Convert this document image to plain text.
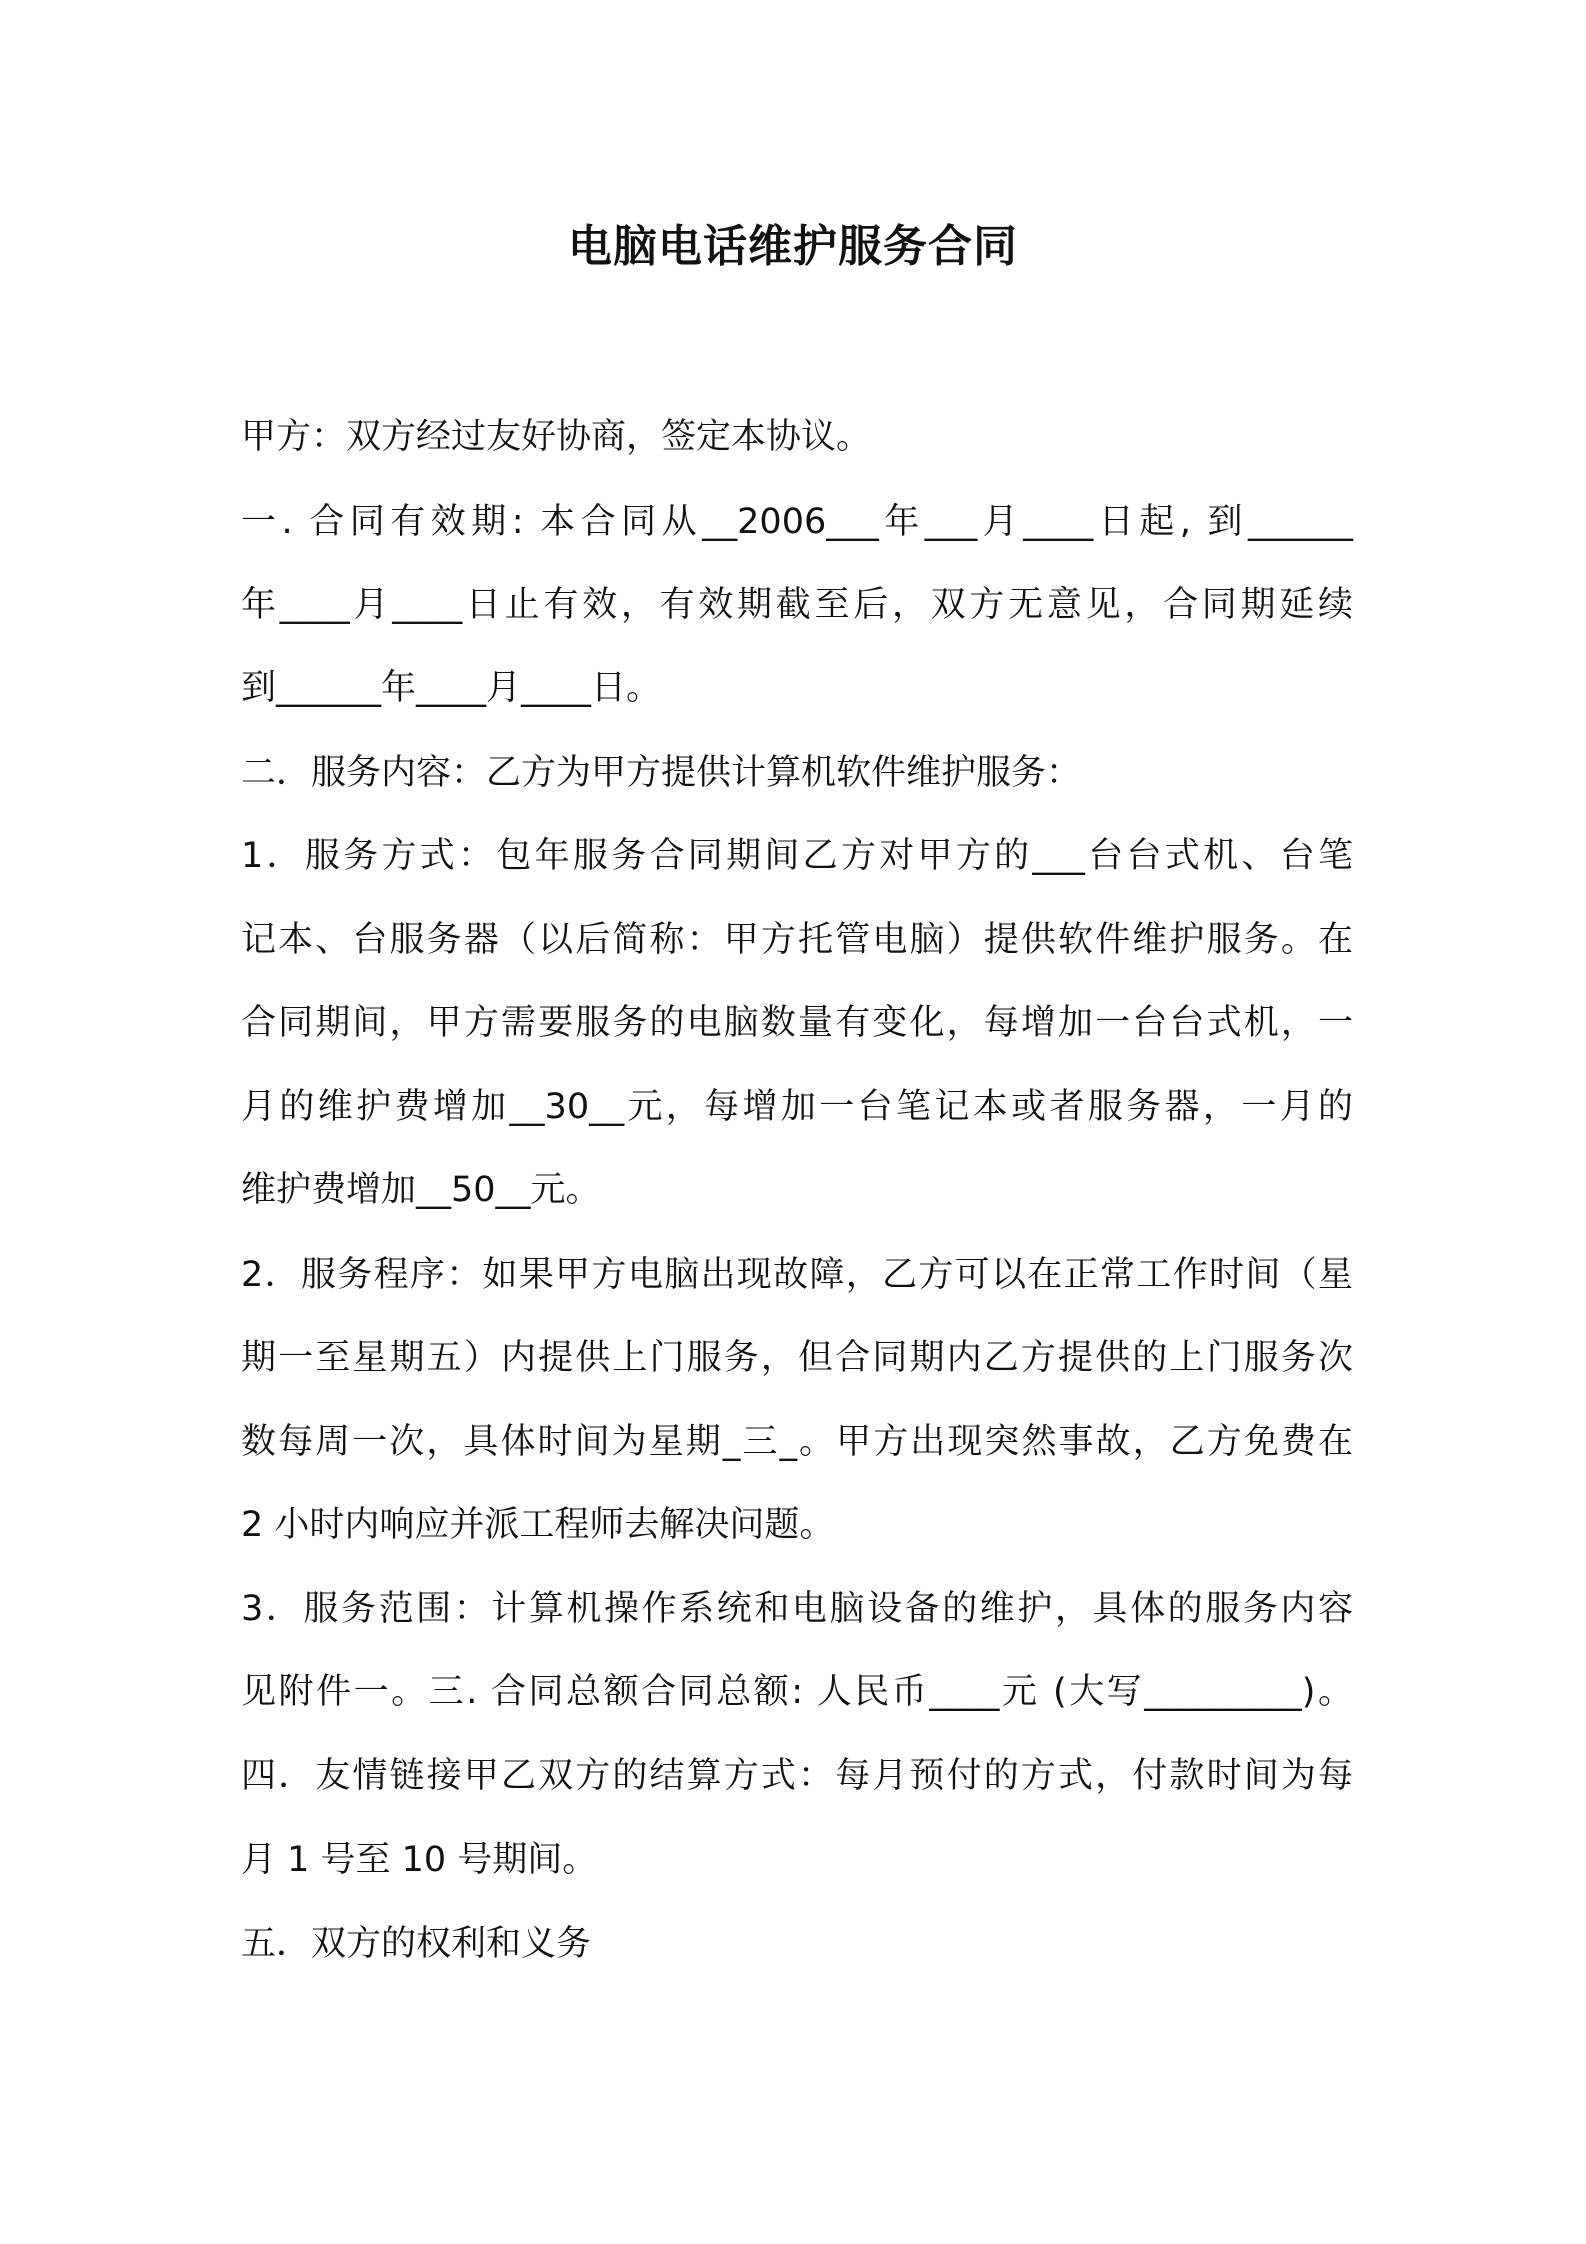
电脑电话维护服务合同
甲方：双方经过友好协商，签定本协议。
一. 合同有效期: 本合同从__2006___年___月____日起, 到______
年____月____日止有效，有效期截至后，双方无意见，合同期延续
到______年____月____日。
二．服务内容：乙方为甲方提供计算机软件维护服务：
1．服务方式：包年服务合同期间乙方对甲方的___台台式机、台笔
记本、台服务器（以后简称：甲方托管电脑）提供软件维护服务。在
合同期间，甲方需要服务的电脑数量有变化，每增加一台台式机，一
月的维护费增加__30__元，每增加一台笔记本或者服务器，一月的
维护费增加__50__元。
2．服务程序：如果甲方电脑出现故障，乙方可以在正常工作时间（星
期一至星期五）内提供上门服务，但合同期内乙方提供的上门服务次
数每周一次，具体时间为星期_三_。甲方出现突然事故，乙方免费在
2 小时内响应并派工程师去解决问题。
3．服务范围：计算机操作系统和电脑设备的维护，具体的服务内容
见附件一。三. 合同总额合同总额: 人民币____元 (大写_________)。
四．友情链接甲乙双方的结算方式：每月预付的方式，付款时间为每
月 1 号至 10 号期间。
五．双方的权利和义务
